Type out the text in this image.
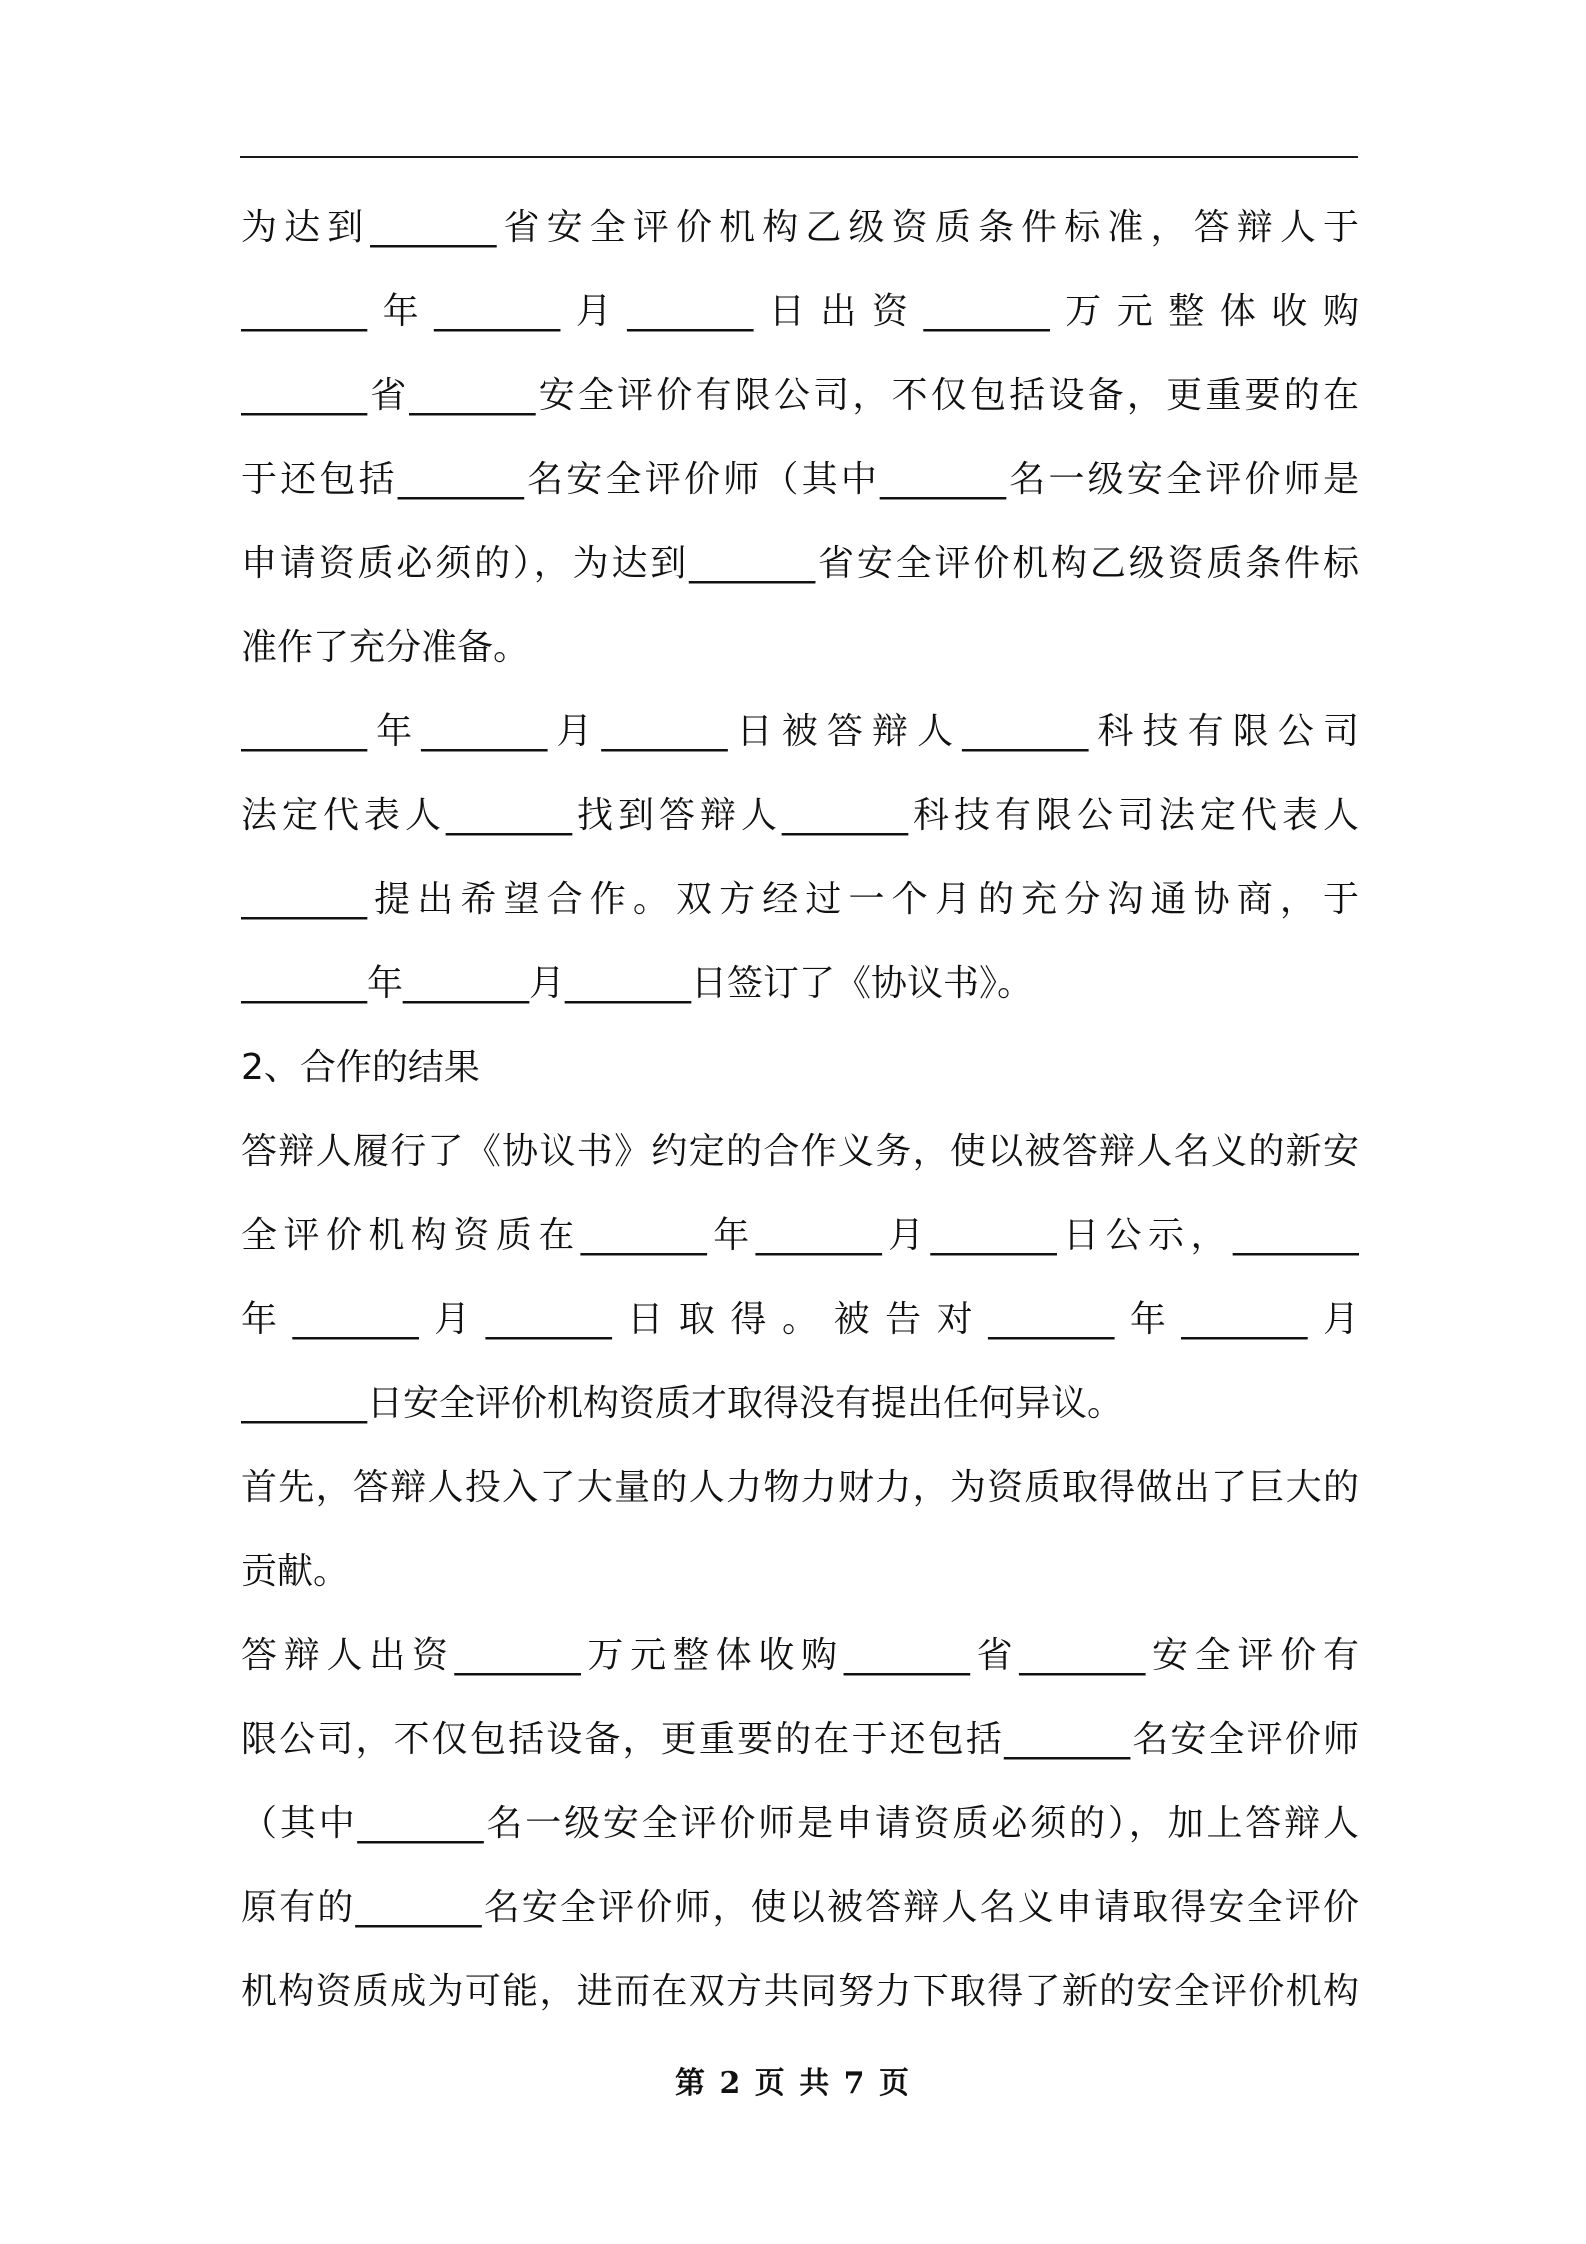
为达到_______省安全评价机构乙级资质条件标准，答辩人于
_______年_______月_______日出资_______万元整体收购
_______省_______安全评价有限公司，不仅包括设备，更重要的在
于还包括_______名安全评价师（其中_______名一级安全评价师是
申请资质必须的），为达到_______省安全评价机构乙级资质条件标
准作了充分准备。
_______年_______月_______日被答辩人_______科技有限公司
法定代表人_______找到答辩人_______科技有限公司法定代表人
_______提出希望合作。双方经过一个月的充分沟通协商，于
_______年_______月_______日签订了《协议书》。
2、合作的结果
答辩人履行了《协议书》约定的合作义务，使以被答辩人名义的新安
全评价机构资质在_______年_______月_______日公示，_______
年_______月_______日取得。被告对_______年_______月
_______日安全评价机构资质才取得没有提出任何异议。
首先，答辩人投入了大量的人力物力财力，为资质取得做出了巨大的
贡献。
答辩人出资_______万元整体收购_______省_______安全评价有
限公司，不仅包括设备，更重要的在于还包括_______名安全评价师
（其中_______名一级安全评价师是申请资质必须的），加上答辩人
原有的_______名安全评价师，使以被答辩人名义申请取得安全评价
机构资质成为可能，进而在双方共同努力下取得了新的安全评价机构
第 2 页 共 7 页
